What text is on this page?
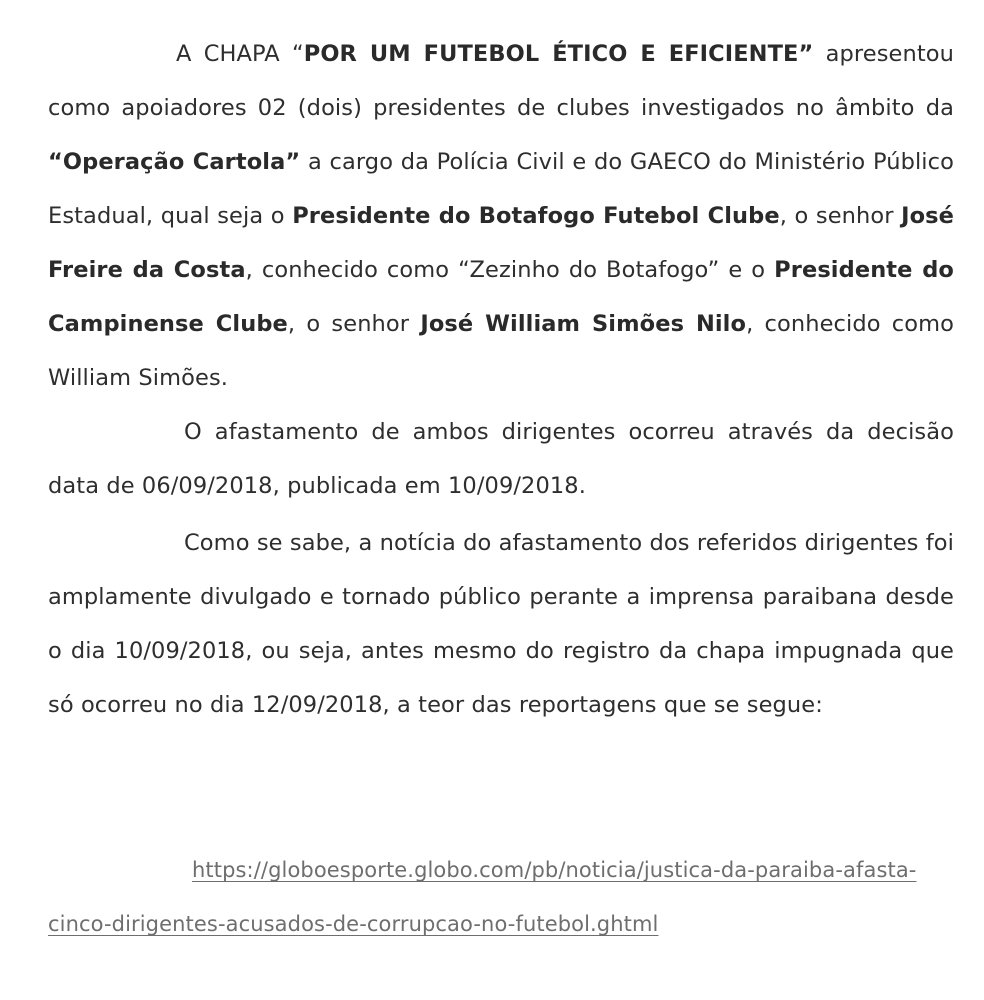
A CHAPA “POR UM FUTEBOL ÉTICO E EFICIENTE” apresentou como apoiadores 02 (dois) presidentes de clubes investigados no âmbito da “Operação Cartola” a cargo da Polícia Civil e do GAECO do Ministério Público Estadual, qual seja o Presidente do Botafogo Futebol Clube, o senhor José Freire da Costa, conhecido como “Zezinho do Botafogo” e o Presidente do Campinense Clube, o senhor José William Simões Nilo, conhecido como William Simões.

O afastamento de ambos dirigentes ocorreu através da decisão data de 06/09/2018, publicada em 10/09/2018.

Como se sabe, a notícia do afastamento dos referidos dirigentes foi amplamente divulgado e tornado público perante a imprensa paraibana desde o dia 10/09/2018, ou seja, antes mesmo do registro da chapa impugnada que só ocorreu no dia 12/09/2018, a teor das reportagens que se segue:

https://globoesporte.globo.com/pb/noticia/justica-da-paraiba-afasta-cinco-dirigentes-acusados-de-corrupcao-no-futebol.ghtml
